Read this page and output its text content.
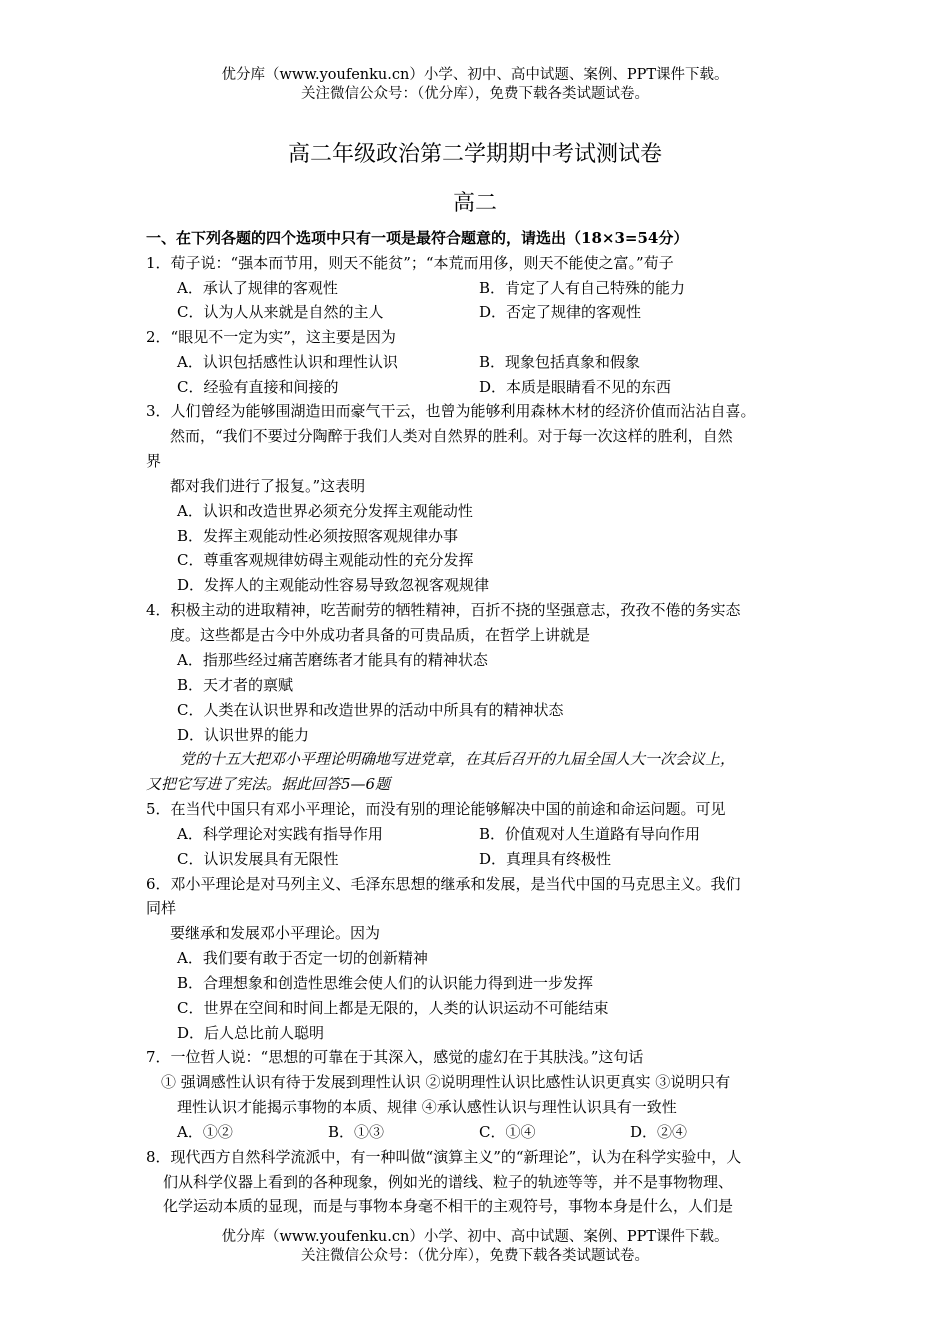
优分库（www.youfenku.cn）小学、初中、高中试题、案例、PPT课件下载。
关注微信公众号：（优分库），免费下载各类试题试卷。
高二年级政治第二学期期中考试测试卷
高二
一、在下列各题的四个选项中只有一项是最符合题意的，请选出（18×3=54分）
1．荀子说：“强本而节用，则天不能贫”；“本荒而用侈，则天不能使之富。”荀子
A．承认了规律的客观性	B．肯定了人有自己特殊的能力
C．认为人从来就是自然的主人	D．否定了规律的客观性
2．“眼见不一定为实”，这主要是因为
A．认识包括感性认识和理性认识	B．现象包括真象和假象
C．经验有直接和间接的	D．本质是眼睛看不见的东西
3．人们曾经为能够围湖造田而豪气干云，也曾为能够利用森林木材的经济价值而沾沾自喜。
然而，“我们不要过分陶醉于我们人类对自然界的胜利。对于每一次这样的胜利，自然
界
都对我们进行了报复。”这表明
A．认识和改造世界必须充分发挥主观能动性
B．发挥主观能动性必须按照客观规律办事
C．尊重客观规律妨碍主观能动性的充分发挥
D．发挥人的主观能动性容易导致忽视客观规律
4．积极主动的进取精神，吃苦耐劳的牺牲精神，百折不挠的坚强意志，孜孜不倦的务实态
度。这些都是古今中外成功者具备的可贵品质，在哲学上讲就是
A．指那些经过痛苦磨练者才能具有的精神状态
B．天才者的禀赋
C．人类在认识世界和改造世界的活动中所具有的精神状态
D．认识世界的能力
党的十五大把邓小平理论明确地写进党章，在其后召开的九届全国人大一次会议上，
又把它写进了宪法。据此回答5—6题
5．在当代中国只有邓小平理论，而没有别的理论能够解决中国的前途和命运问题。可见
A．科学理论对实践有指导作用	B．价值观对人生道路有导向作用
C．认识发展具有无限性	D．真理具有终极性
6．邓小平理论是对马列主义、毛泽东思想的继承和发展，是当代中国的马克思主义。我们
同样
要继承和发展邓小平理论。因为
A．我们要有敢于否定一切的创新精神
B．合理想象和创造性思维会使人们的认识能力得到进一步发挥
C．世界在空间和时间上都是无限的，人类的认识运动不可能结束
D．后人总比前人聪明
7．一位哲人说：“思想的可靠在于其深入，感觉的虚幻在于其肤浅。”这句话
① 强调感性认识有待于发展到理性认识 ②说明理性认识比感性认识更真实 ③说明只有
理性认识才能揭示事物的本质、规律 ④承认感性认识与理性认识具有一致性
A．①②	B．①③	C．①④	D．②④
8．现代西方自然科学流派中，有一种叫做“演算主义”的“新理论”，认为在科学实验中，人
们从科学仪器上看到的各种现象，例如光的谱线、粒子的轨迹等等，并不是事物物理、
化学运动本质的显现，而是与事物本身毫不相干的主观符号，事物本身是什么，人们是
优分库（www.youfenku.cn）小学、初中、高中试题、案例、PPT课件下载。
关注微信公众号：（优分库），免费下载各类试题试卷。
